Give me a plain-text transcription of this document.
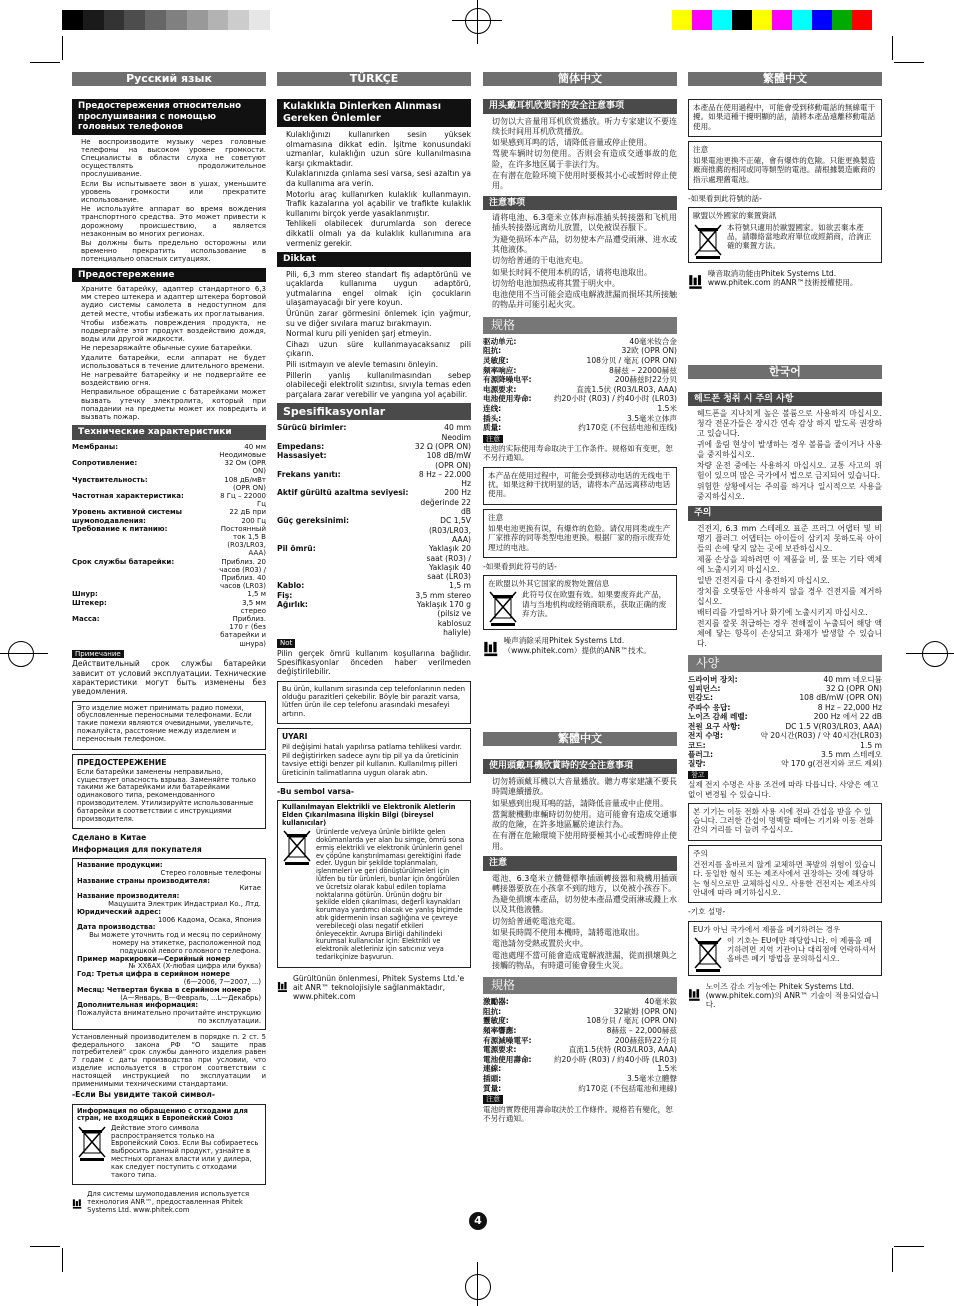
Русский язык
Предостережения относительно прослушивания с помощью головных телефонов
• Не воспроизводите музыку через головные телефоны на высоком уровне громкости. Специалисты в области слуха не советуют осуществлять продолжительное прослушивание.
• Если Вы испытываете звон в ушах, уменьшите уровень громкости или прекратите использование.
• Не используйте аппарат во время вождения транспортного средства. Это может привести к дорожному происшествию, а является незаконным во многих регионах.
• Вы должны быть предельно осторожны или временно прекратить использование в потенциально опасных ситуациях.
Предостережение
• Храните батарейку, адаптер стандартного 6,3 мм стерео штекера и адаптер штекера бортовой аудио системы самолета в недоступном для детей месте, чтобы избежать их проглатывания.
• Чтобы избежать повреждения продукта, не подвергайте этот продукт воздействию дождя, воды или другой жидкости.
• Не перезаряжайте обычные сухие батарейки.
• Удалите батарейки, если аппарат не будет использоваться в течение длительного времени.
• Не нагревайте батарейку и не подвергайте ее воздействию огня.
• Неправильное обращение с батарейками может вызвать утечку электролита, который при попадании на предметы может их повредить и вызвать пожар.
Технические характеристики
Мембраны:	40 мм Неодимовые
Сопротивление:	32 Ом (OPR ON)
Чувствительность:	108 дБ/мВт (OPR ON)
Частотная характеристика:	8 Гц – 22000 Гц
Уровень активной системы шумоподавления:
22 дБ при 200 Гц
Требование к питанию:	Постоянный ток 1,5 В (R03/LR03, AAA)
Срок службы батарейки:	Приблиз. 20 часов (R03) / Приблиз. 40 часов (LR03)
Шнур:	1,5 м
Штекер:	3,5 мм стерео
Масса:	Приблиз. 170 г (без батарейки и шнура)
Примечание

Действительный срок службы батарейки зависит от условий эксплуатации. Технические характеристики могут быть изменены без уведомления.

Это изделие может принимать радио помехи, обусловленные переносными телефонами. Если такие помехи являются очевидными, увеличьте, пожалуйста, расстояние между изделием и переносным телефоном.

ПРЕДОСТЕРЕЖЕНИЕ

Если батарейки заменены неправильно, существует опасность взрыва. Заменяйте только такими же батарейками или батарейками одинакового типа, рекомендованного производителем. Утилизируйте использованные батарейки в соответствии с инструкциями производителя.

Сделано в Китае

Информация для покупателя

Название продукции:
Стерео головные телефоны
Название страны производителя:
Китае
Название производителя:
Мацушита Электрик Индастриал Ко., Лтд.
Юридический адрес:
1006 Кадома, Осака, Япония
Дата производства:
Вы можете уточнить год и месяц по серийному номеру на этикетке, расположенной под подушкой левого головного телефона.
Пример маркировки—Серийный номер
№ XX6AX (X-любая цифра или буква)
Год: Третья цифра в серийном номере
(6—2006, 7—2007, ...)
Месяц: Четвертая буква в серийном номере
(А—Январь, В—Февраль, ...L—Декабрь)
Дополнительная информация:
Пожалуйста внимательно прочитайте инструкцию по эксплуатации.

Установленный производителем в порядке п. 2 ст. 5 федерального закона РФ “О защите прав потребителей” срок службы данного изделия равен 7 годам с даты производства при условии, что изделие используется в строгом соответствии с настоящей инструкцией по эксплуатации и применимыми техническими стандартами.

-Если Вы увидите такой символ-

Информация по обращению с отходами для стран, не входящих в Европейский Союз

Действие этого символа распространяется только на Европейский Союз. Если Вы собираетесь выбросить данный продукт, узнайте в местных органах власти или у дилера, как следует поступить с отходами такого типа.

Для системы шумоподавления используется технология ANR™, предоставленная Phitek Systems Ltd. www.phitek.com

TÜRKÇE
Kulaklıkla Dinlerken Alınması Gereken Önlemler
• Kulaklığınızı kullanırken sesin yüksek olmamasına dikkat edin. İşitme konusundaki uzmanlar, kulaklığın uzun süre kullanılmasına karşı çıkmaktadır.
• Kulaklarınızda çınlama sesi varsa, sesi azaltın ya da kullanıma ara verin.
• Motorlu araç kullanırken kulaklık kullanmayın. Trafik kazalarına yol açabilir ve trafikte kulaklık kullanımı birçok yerde yasaklanmıştır.
• Tehlikeli olabilecek durumlarda son derece dikkatli olmalı ya da kulaklık kullanımına ara vermeniz gerekir.
Dikkat
• Pili, 6,3 mm stereo standart fiş adaptörünü ve uçaklarda kullanıma uygun adaptörü, yutmalarına engel olmak için çocukların ulaşamayacağı bir yere koyun.
• Ürünün zarar görmesini önlemek için yağmur, su ve diğer sıvılara maruz bırakmayın.
• Normal kuru pili yeniden şarj etmeyin.
• Cihazı uzun süre kullanmayacaksanız pili çıkarın.
• Pili ısıtmayın ve alevle temasını önleyin.
• Pillerin yanlış kullanılmasından sebep olabileceği elektrolit sızıntısı, sıvıyla temas eden parçalara zarar verebilir ve yangına yol açabilir.
Spesifikasyonlar
Sürücü birimler:	40 mm Neodim
Empedans:	32 Ω (OPR ON)
Hassasiyet:	108 dB/mW (OPR ON)
Frekans yanıtı:	8 Hz – 22.000 Hz
Aktif gürültü azaltma seviyesi:	200 Hz değerinde 22 dB
Güç gereksinimi:	DC 1,5V (R03/LR03, AAA)
Pil ömrü:	Yaklaşık 20 saat (R03) / Yaklaşık 40 saat (LR03)
Kablo:	1,5 m
Fiş:	3,5 mm stereo
Ağırlık:	Yaklaşık 170 g (pilsiz ve kablosuz haliyle)
Not

Pilin gerçek ömrü kullanım koşullarına bağlıdır. Spesifikasyonlar önceden haber verilmeden değiştirilebilir.

Bu ürün, kullanım sırasında cep telefonlarının neden olduğu parazitleri çekebilir. Böyle bir parazit varsa, lütfen ürün ile cep telefonu arasındaki mesafeyi artırın.

UYARI

Pil değişimi hatalı yapılırsa patlama tehlikesi vardır. Pil değiştirirken sadece aynı tip pil ya da üreticinin tavsiye ettiği benzer pil kullanın. Kullanılmış pilleri üreticinin talimatlarına uygun olarak atın.

-Bu sembol varsa-

Kullanılmayan Elektrikli ve Elektronik Aletlerin Elden Çıkarılmasına İlişkin Bilgi (bireysel kullanıcılar)

Ürünlerde ve/veya ürünle birlikte gelen dokümanlarda yer alan bu simge, ömrü sona ermiş elektrikli ve elektronik ürünlerin genel ev çöpüne karıştırılmaması gerektiğini ifade eder. Uygun bir şekilde toplanmaları, işlenmeleri ve geri dönüştürülmeleri için lütfen bu tür ürünleri, bunlar için öngörülen ve ücretsiz olarak kabul edilen toplama noktalarına götürün. Ürünün doğru bir şekilde elden çıkarılması, değerli kaynakları korumaya yardımcı olacak ve yanlış biçimde atık gidermenin insan sağlığına ve çevreye verebileceği olası negatif etkileri önleyecektir. Avrupa Birliği dahilindeki kurumsal kullanıcılar için: Elektrikli ve elektronik aletleriniz için satıcınız veya tedarikçinize başvurun.

Gürültünün önlenmesi, Phitek Systems Ltd.'e ait ANR™ teknolojisiyle sağlanmaktadır, www.phitek.com

簡体中文
用头戴耳机欣赏时的安全注意事项
• 切勿以大音量用耳机欣赏播放。听力专家建议不要连续长时间用耳机欣赏播放。
• 如果感到耳鸣的话，请降低音量或停止使用。
• 驾驶车辆时切勿使用。否则会有造成交通事故的危险，在许多地区属于非法行为。
• 在有潜在危险环境下使用时要极其小心或暂时停止使用。
注意事项
• 请将电池、6.3毫米立体声标准插头转接器和飞机用插头转接器远离幼儿放置，以免被误吞服下。
• 为避免损坏本产品，切勿使本产品遭受雨淋、进水或其他液体。
• 切勿给普通的干电池充电。
• 如果长时间不使用本机的话，请将电池取出。
• 切勿给电池加热或将其置于明火中。
• 电池使用不当可能会造成电解液泄漏而损坏其所接触的物品并可能引起火灾。
规格
驱动单元:	40毫米钕合金
阻抗:	32欧 (OPR ON)
灵敏度:	108分贝 / 毫瓦 (OPR ON)
频率响应:	8赫兹 – 22000赫兹
有源降噪电平:	200赫兹时22分贝
电源要求:	直流1.5伏 (R03/LR03, AAA)
电池使用寿命:	约20小时 (R03) / 约40小时 (LR03)
连线:	1.5米
插头:	3.5毫米立体声
质量:	约170克 (不包括电池和连线)
注意

电池的实际使用寿命取决于工作条件。规格如有变更，恕不另行通知。

本产品在使用过程中，可能会受到移动电话的无线电干扰。如果这种干扰明显的话，请将本产品远离移动电话使用。

注意

如果电池更换有误，有爆炸的危险。请仅用同类或生产厂家推荐的同等类型电池更换。根据厂家的指示废弃处理过的电池。

-如果看到此符号的话-

在欧盟以外其它国家的废物处置信息

此符号仅在欧盟有效。如果要废弃此产品，请与当地机构或经销商联系，获取正确的废弃方法。

噪声消除采用Phitek Systems Ltd.（www.phitek.com）提供的ANR™技术。

繁體中文
使用頭戴耳機欣賞時的安全注意事項
• 切勿將頭戴耳機以大音量播放。聽力專家建議不要長時間連續播放。
• 如果感到出現耳鳴的話，請降低音量或中止使用。
• 當駕駛機動車輛時切勿使用。這可能會有造成交通事故的危險，在許多地區屬於違法行為。
• 在有潛在危險環境下使用時要極其小心或暫時停止使用。
注意
• 電池、6.3毫米立體聲標準插頭轉接器和飛機用插頭轉接器要放在小孩拿不到的地方，以免被小孩吞下。
• 為避免損壞本產品，切勿使本產品遭受雨淋或濺上水以及其他液體。
• 切勿給普通乾電池充電。
• 如果長時間不使用本機時，請將電池取出。
• 電池請勿受熱或置於火中。
• 電池處理不當可能會造成電解液泄漏，從而損壞與之接觸的物品，有時還可能會發生火災。
規格
激勵器:	40毫米釹
阻抗:	32歐姆 (OPR ON)
靈敏度:	108分貝 / 毫瓦 (OPR ON)
頻率響應:	8赫茲 – 22,000赫茲
有源減噪電平:	200赫茲時22分貝
電源要求:	直流1.5伏特 (R03/LR03, AAA)
電池使用壽命:	約20小時 (R03) / 約40小時 (LR03)
連線:	1.5米
插頭:	3.5毫米立體聲
質量:	約170克 (不包括電池和連線)
注意

電池的實際使用壽命取決於工作條件。規格若有變化，恕不另行通知。

繁體中文

本產品在使用過程中，可能會受到移動電話的無線電干擾。如果這種干擾明顯的話，請將本產品遠離移動電話使用。

注意

如果電池更換不正確，會有爆炸的危險。只能更換製造廠商推薦的相同或同等類型的電池。請根據製造廠商的指示處理舊電池。

-如果看到此符號的話-

歐盟以外國家的棄置資訊

本符號只適用於歐盟國家。如欲丟棄本產品，請聯絡當地政府單位或經銷商，洽詢正確的棄置方法。

噪音取消功能由Phitek Systems Ltd. www.phitek.com 的ANR™技術授權使用。

한국어
헤드폰 청취 시 주의 사항
• 헤드폰을 지나치게 높은 볼륨으로 사용하지 마십시오. 청각 전문가들은 장시간 연속 감상 하지 말도록 권장하고 있습니다.
• 귀에 울림 현상이 발생하는 경우 볼륨을 줄이거나 사용을 중지하십시오.
• 차량 운전 중에는 사용하지 마십시오. 교통 사고의 위험이 있으며 많은 국가에서 법으로 금지되어 있습니다.
• 위험한 상황에서는 주의를 하거나 일시적으로 사용을 중지하십시오.
주의
• 건전지, 6.3 mm 스테레오 표준 프러그 어댑터 및 비행기 플러그 어댑터는 아이들이 삼키지 못하도록 아이들의 손에 닿지 않는 곳에 보관하십시오.
• 제품 손상을 피하려면 이 제품을 비, 물 또는 기타 액체에 노출시키지 마십시오.
• 일반 건전지를 다시 충전하지 마십시오.
• 장치를 오랫동안 사용하지 않을 경우 건전지를 제거하십시오.
• 배터리를 가열하거나 화기에 노출시키지 마십시오.
• 전지를 잘못 취급하는 경우 전해질이 누출되어 해당 액체에 닿는 항목이 손상되고 화재가 발생할 수 있습니다.
사양
드라이버 장치:	40 mm 네오디뮴
임피던스:	32 Ω (OPR ON)
민감도:	108 dB/mW (OPR ON)
주파수 응답:	8 Hz – 22,000 Hz
노이즈 감쇄 레벨:	200 Hz 에서 22 dB
전원 요구 사항:	DC 1.5 V(R03/LR03, AAA)
전지 수명:	약 20시간(R03) / 약 40시간(LR03)
코드:	1.5 m
플러그:	3.5 mm 스테레오
질량:	약 170 g(건전지와 코드 제외)
참고

실제 전지 수명은 사용 조건에 따라 다릅니다. 사양은 예고 없이 변경될 수 있습니다.

본 기기는 이동 전화 사용 시에 전파 간섭을 받을 수 있습니다. 그러한 간섭이 명백할 때에는 기기와 이동 전화간의 거리를 더 늘려 주십시오.

주의

건전지를 올바르지 않게 교체하면 폭발의 위험이 있습니다. 동일한 형식 또는 제조사에서 권장하는 것에 해당하는 형식으로만 교체하십시오. 사용한 건전지는 제조사의 안내에 따라 폐기하십시오.

-기호 설명-

EU가 아닌 국가에서 제품을 폐기하려는 경우

이 기호는 EU에만 해당합니다. 이 제품을 폐기하려면 지역 기관이나 대리점에 연락하셔서 올바른 폐기 방법을 문의하십시오.

노이즈 감소 기능에는 Phitek Systems Ltd. (www.phitek.com)의 ANR™ 기술이 적용되었습니다.

4
